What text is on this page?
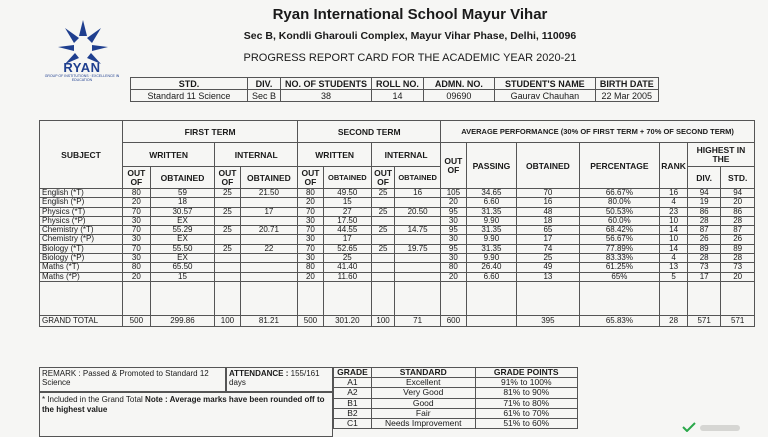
RYAN
GROUP OF INSTITUTIONS · EXCELLENCE IN EDUCATION
Ryan International School Mayur Vihar
Sec B, Kondli Gharouli Complex, Mayur Vihar Phase, Delhi, 110096
PROGRESS REPORT CARD FOR THE ACADEMIC YEAR 2020-21
STD.	DIV.	NO. OF STUDENTS	ROLL NO.	ADMN. NO.	STUDENT'S NAME	BIRTH DATE
Standard 11 Science	Sec B	38	14	09690	Gaurav Chauhan	22 Mar 2005
SUBJECT	FIRST TERM				SECOND TERM				AVERAGE PERFORMANCE (30% OF FIRST TERM + 70% OF SECOND TERM)						
	WRITTEN		INTERNAL		WRITTEN		INTERNAL		OUT OF	PASSING	OBTAINED	PERCENTAGE	RANK	HIGHEST IN THE	
	OUT OF	OBTAINED	OUT OF	OBTAINED	OUT OF	OBTAINED	OUT OF	OBTAINED						DIV.	STD.
English (*T)	80	59	25	21.50	80	49.50	25	16	105	34.65	70	66.67%	16	94	94
English (*P)	20	18			20	15			20	6.60	16	80.0%	4	19	20
Physics (*T)	70	30.57	25	17	70	27	25	20.50	95	31.35	48	50.53%	23	86	86
Physics (*P)	30	EX			30	17.50			30	9.90	18	60.0%	10	28	28
Chemistry (*T)	70	55.29	25	20.71	70	44.55	25	14.75	95	31.35	65	68.42%	14	87	87
Chemistry (*P)	30	EX			30	17			30	9.90	17	56.67%	10	26	26
Biology (*T)	70	55.50	25	22	70	52.65	25	19.75	95	31.35	74	77.89%	14	89	89
Biology (*P)	30	EX			30	25			30	9.90	25	83.33%	4	28	28
Maths (*T)	80	65.50			80	41.40			80	26.40	49	61.25%	13	73	73
Maths (*P)	20	15			20	11.60			20	6.60	13	65%	5	17	20

GRAND TOTAL	500	299.86	100	81.21	500	301.20	100	71	600		395	65.83%	28	571	571
REMARK : Passed & Promoted to Standard 12 Science
ATTENDANCE : 155/161 days
* Included in the Grand Total Note : Average marks have been rounded off to the highest value
GRADE	STANDARD	GRADE POINTS
A1	Excellent	91% to 100%
A2	Very Good	81% to 90%
B1	Good	71% to 80%
B2	Fair	61% to 70%
C1	Needs Improvement	51% to 60%
